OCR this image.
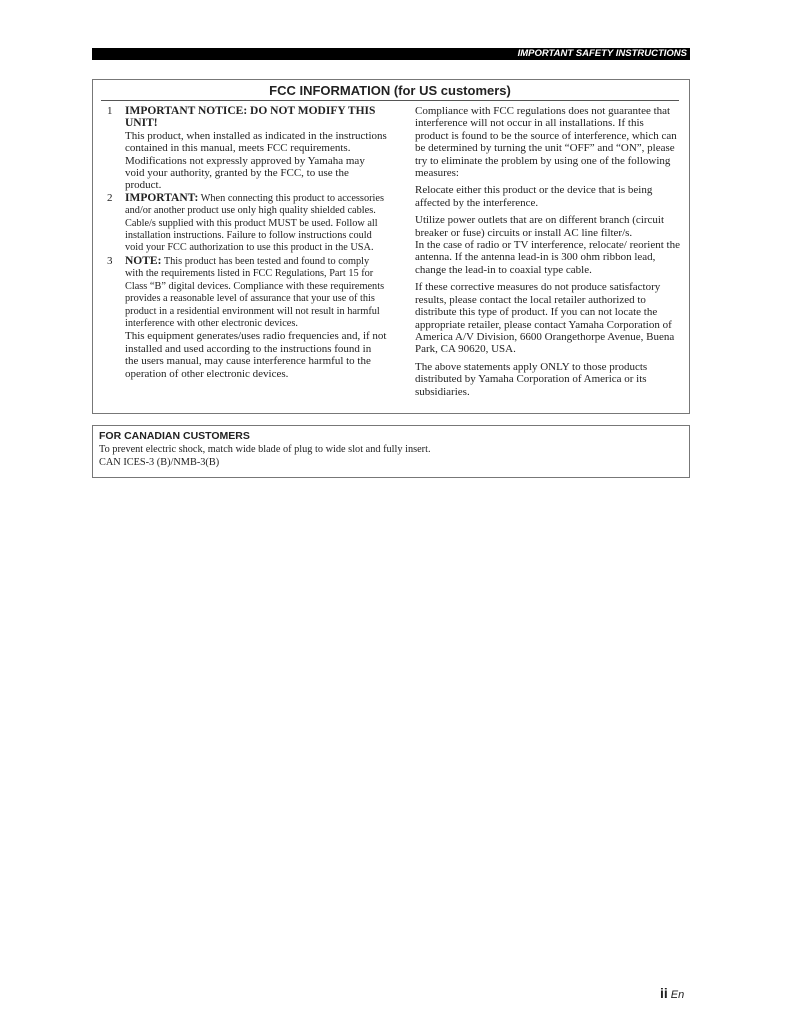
IMPORTANT SAFETY INSTRUCTIONS
FCC INFORMATION (for US customers)
1 IMPORTANT NOTICE: DO NOT MODIFY THIS UNIT!
This product, when installed as indicated in the instructions contained in this manual, meets FCC requirements. Modifications not expressly approved by Yamaha may void your authority, granted by the FCC, to use the product.
2 IMPORTANT: When connecting this product to accessories and/or another product use only high quality shielded cables. Cable/s supplied with this product MUST be used. Follow all installation instructions. Failure to follow instructions could void your FCC authorization to use this product in the USA.
3 NOTE: This product has been tested and found to comply with the requirements listed in FCC Regulations, Part 15 for Class “B” digital devices. Compliance with these requirements provides a reasonable level of assurance that your use of this product in a residential environment will not result in harmful interference with other electronic devices.
This equipment generates/uses radio frequencies and, if not installed and used according to the instructions found in the users manual, may cause interference harmful to the operation of other electronic devices.

Compliance with FCC regulations does not guarantee that interference will not occur in all installations. If this product is found to be the source of interference, which can be determined by turning the unit “OFF” and “ON”, please try to eliminate the problem by using one of the following measures:

Relocate either this product or the device that is being affected by the interference.

Utilize power outlets that are on different branch (circuit breaker or fuse) circuits or install AC line filter/s.

In the case of radio or TV interference, relocate/ reorient the antenna. If the antenna lead-in is 300 ohm ribbon lead, change the lead-in to coaxial type cable.

If these corrective measures do not produce satisfactory results, please contact the local retailer authorized to distribute this type of product. If you can not locate the appropriate retailer, please contact Yamaha Corporation of America A/V Division, 6600 Orangethorpe Avenue, Buena Park, CA 90620, USA.

The above statements apply ONLY to those products distributed by Yamaha Corporation of America or its subsidiaries.

FOR CANADIAN CUSTOMERS
To prevent electric shock, match wide blade of plug to wide slot and fully insert.
CAN ICES-3 (B)/NMB-3(B)
ii En
